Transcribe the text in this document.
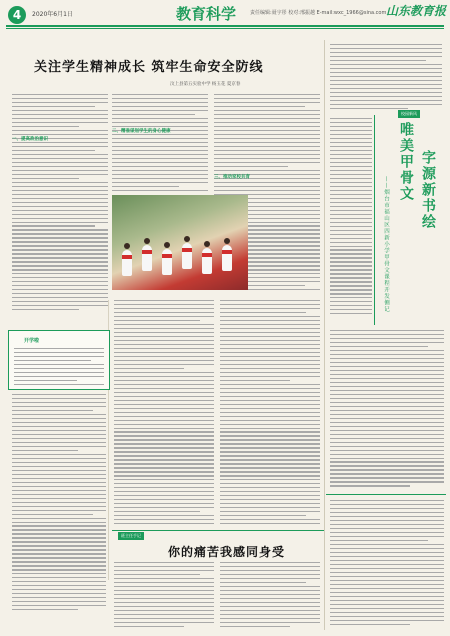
4	2020年6月1日	教育科学	责任编辑:聂宇彤 校对:邢振越 E-mail:wxc_1966@sina.com 山东教育报
关注学生精神成长 筑牢生命安全防线
汶上县第五实验中学 杨玉花 夏京春
一、提高政治意识
二、精准谋划学生的身心健康
三、推动家校共育
开学啦
班主任手记
你的痛苦我感同身受
校园新风
唯美甲骨文 字源新书绘
——烟台市福山区四新小学甲骨文课程开发侧记
